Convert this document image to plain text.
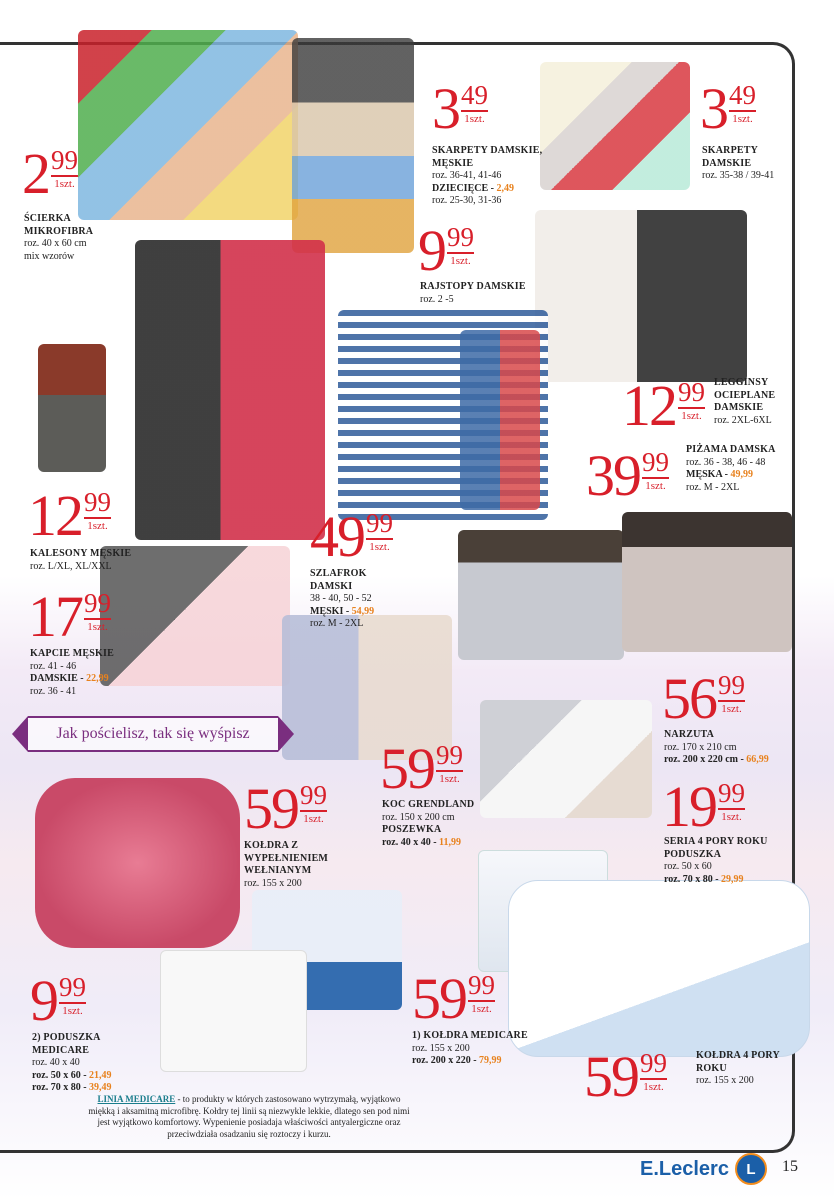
Jak pościelisz, tak się wyśpisz
2 99
1szt.
ŚCIERKA MIKROFIBRA
roz. 40 x 60 cm
mix wzorów
3 49
1szt.
SKARPETY DAMSKIE, MĘSKIE
roz. 36-41, 41-46
DZIECIĘCE - 2,49
roz. 25-30, 31-36
3 49
1szt.
SKARPETY DAMSKIE
roz. 35-38 / 39-41
9 99
1szt.
RAJSTOPY DAMSKIE
roz. 2 -5
12 99
1szt.
LEGGINSY OCIEPLANE DAMSKIE
roz. 2XL-6XL
39 99
1szt.
PIŻAMA DAMSKA
roz. 36 - 38, 46 - 48
MĘSKA - 49,99
roz. M - 2XL
12 99
1szt.
KALESONY MĘSKIE
roz. L/XL, XL/XXL	49 99
1szt.
SZLAFROK DAMSKI
38 - 40, 50 - 52
MĘSKI - 54,99
roz. M - 2XL
17 99
1szt.
KAPCIE MĘSKIE
roz. 41 - 46
DAMSKIE - 22,99
roz. 36 - 41	56 99
1szt.
NARZUTA
roz. 170 x 210 cm
roz. 200 x 220 cm - 66,99
59 99
1szt.
KOC GRENDLAND
roz. 150 x 200 cm
POSZEWKA
roz. 40 x 40 - 11,99
59 99
1szt.
KOŁDRA Z WYPEŁNIENIEM WEŁNIANYM
roz. 155 x 200
19 99
1szt.
SERIA 4 PORY ROKU PODUSZKA
roz. 50 x 60
roz. 70 x 80 - 29,99
9 99
1szt.
2) PODUSZKA MEDICARE
roz. 40 x 40
roz. 50 x 60 - 21,49
roz. 70 x 80 - 39,49
59 99
1szt.
1) KOŁDRA MEDICARE
roz. 155 x 200
roz. 200 x 220 - 79,99	59 99
1szt.
KOŁDRA 4 PORY ROKU
roz. 155 x 200
LINIA MEDICARE - to produkty w których zastosowano wytrzymałą, wyjątkowo miękką i aksamitną microfibrę. Kołdry tej linii są niezwykle lekkie, dlatego sen pod nimi jest wyjątkowo komfortowy. Wypenienie posiadaja właściwości antyalergiczne oraz przeciwdziała osadzaniu się roztoczy i kurzu.
E.Leclerc	L	15
